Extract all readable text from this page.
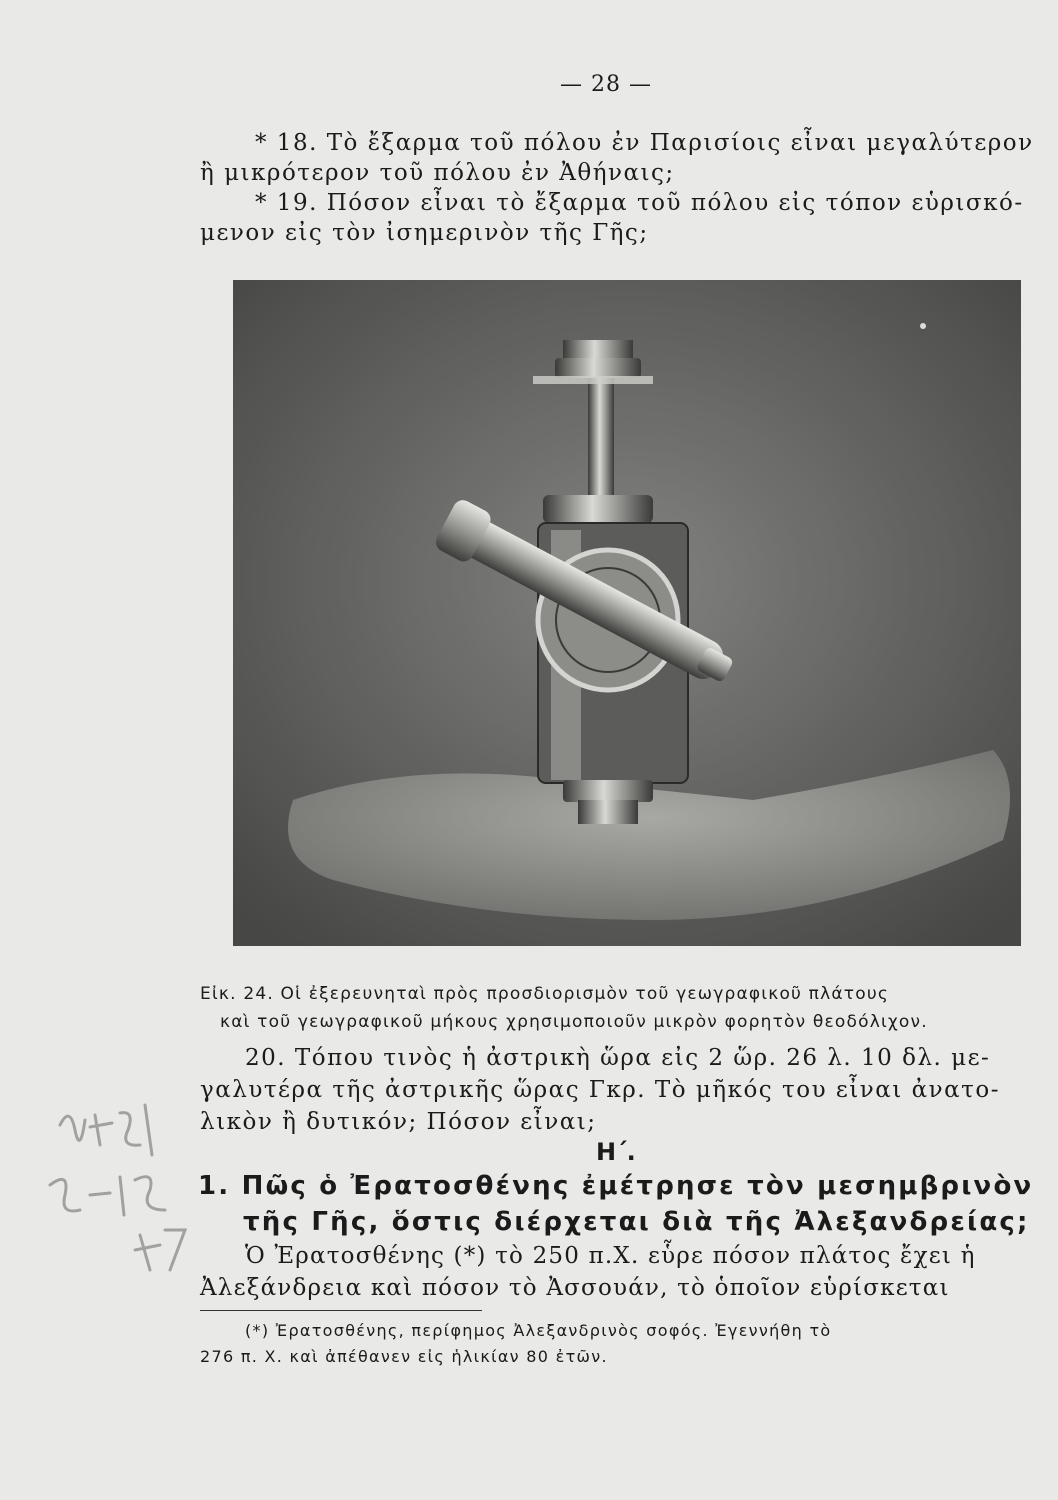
— 28 —
* 18. Τὸ ἔξαρμα τοῦ πόλου ἐν Παρισίοις εἶναι μεγαλύτερον
ἢ μικρότερον τοῦ πόλου ἐν Ἀθήναις;
* 19. Πόσον εἶναι τὸ ἔξαρμα τοῦ πόλου εἰς τόπον εὑρισκό-
μενον εἰς τὸν ἰσημερινὸν τῆς Γῆς;
Εἰκ. 24. Οἱ ἐξερευνηταὶ πρὸς προσδιορισμὸν τοῦ γεωγραφικοῦ πλάτους
καὶ τοῦ γεωγραφικοῦ μήκους χρησιμοποιοῦν μικρὸν φορητὸν θεοδόλιχον.
20. Τόπου τινὸς ἡ ἀστρικὴ ὥρα εἰς 2 ὥρ. 26 λ. 10 δλ. με-
γαλυτέρα τῆς ἀστρικῆς ὥρας Γκρ. Τὸ μῆκός του εἶναι ἀνατο-
λικὸν ἢ δυτικόν; Πόσον εἶναι;
Η΄.
1. Πῶς ὁ Ἐρατοσθένης ἐμέτρησε τὸν μεσημβρινὸν
τῆς Γῆς, ὅστις διέρχεται διὰ τῆς Ἀλεξανδρείας;
Ὁ Ἐρατοσθένης (*) τὸ 250 π.Χ. εὗρε πόσον πλάτος ἔχει ἡ
Ἀλεξάνδρεια καὶ πόσον τὸ Ἀσσουάν, τὸ ὁποῖον εὑρίσκεται
(*) Ἐρατοσθένης, περίφημος Ἀλεξανδρινὸς σοφός. Ἐγεννήθη τὸ
276 π. Χ. καὶ ἀπέθανεν εἰς ἡλικίαν 80 ἐτῶν.
